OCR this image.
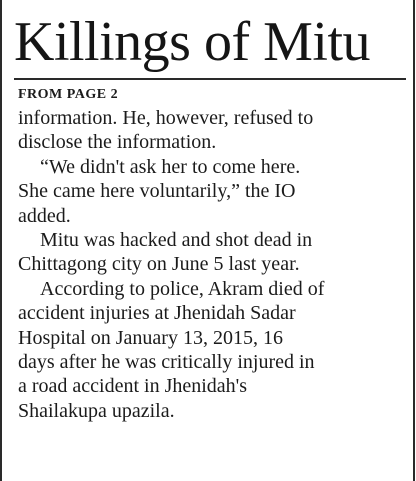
Killings of Mitu
FROM PAGE 2
information. He, however, refused to
disclose the information.
“We didn't ask her to come here.
She came here voluntarily,” the IO
added.
Mitu was hacked and shot dead in
Chittagong city on June 5 last year.
According to police, Akram died of
accident injuries at Jhenidah Sadar
Hospital on January 13, 2015, 16
days after he was critically injured in
a road accident in Jhenidah's
Shailakupa upazila.
